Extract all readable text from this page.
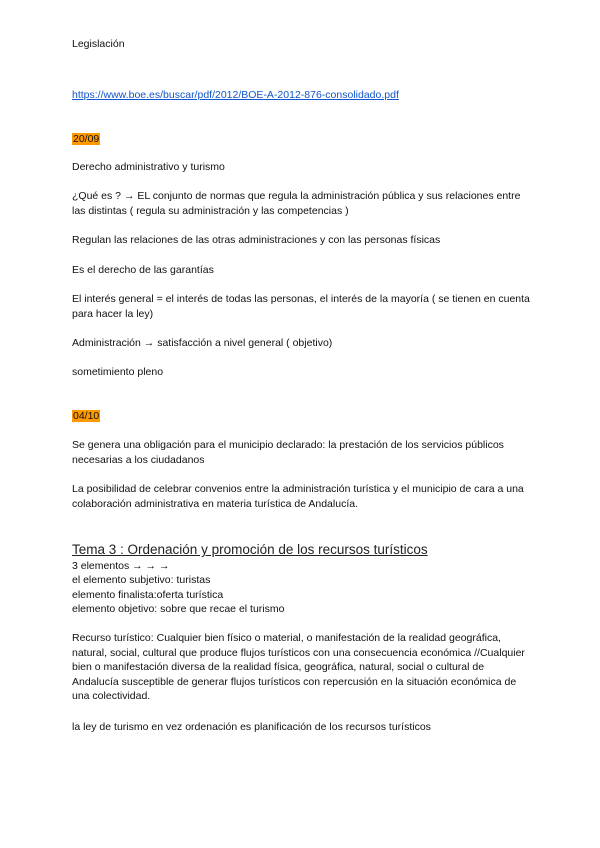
Legislación
https://www.boe.es/buscar/pdf/2012/BOE-A-2012-876-consolidado.pdf
20/09
Derecho administrativo y turismo
¿Qué es ? → EL conjunto de normas que regula la administración pública y sus relaciones entre las distintas ( regula su administración y las competencias )
Regulan las relaciones de las otras administraciones y con las personas físicas
Es el derecho de las garantías
El interés general = el interés de todas las personas, el interés de la mayoría ( se tienen en cuenta para hacer la ley)
Administración → satisfacción a nivel general ( objetivo)
sometimiento pleno
04/10
Se genera una obligación para el municipio declarado: la prestación de los servicios públicos necesarias a los ciudadanos
La posibilidad de celebrar convenios entre la administración turística y el municipio de cara a una colaboración administrativa en materia turística de Andalucía.
Tema 3 : Ordenación y promoción de los recursos turísticos
3 elementos → → →
el elemento subjetivo: turistas
elemento finalista:oferta turística
elemento objetivo: sobre que recae el turismo
Recurso turístico: Cualquier bien físico o material, o manifestación de la realidad geográfica, natural, social, cultural que produce flujos turísticos con una consecuencia económica //Cualquier bien o manifestación diversa de la realidad física, geográfica, natural, social o cultural de Andalucía susceptible de generar flujos turísticos con repercusión en la situación económica de una colectividad.
la ley de turismo en vez ordenación es planificación de los recursos turísticos
